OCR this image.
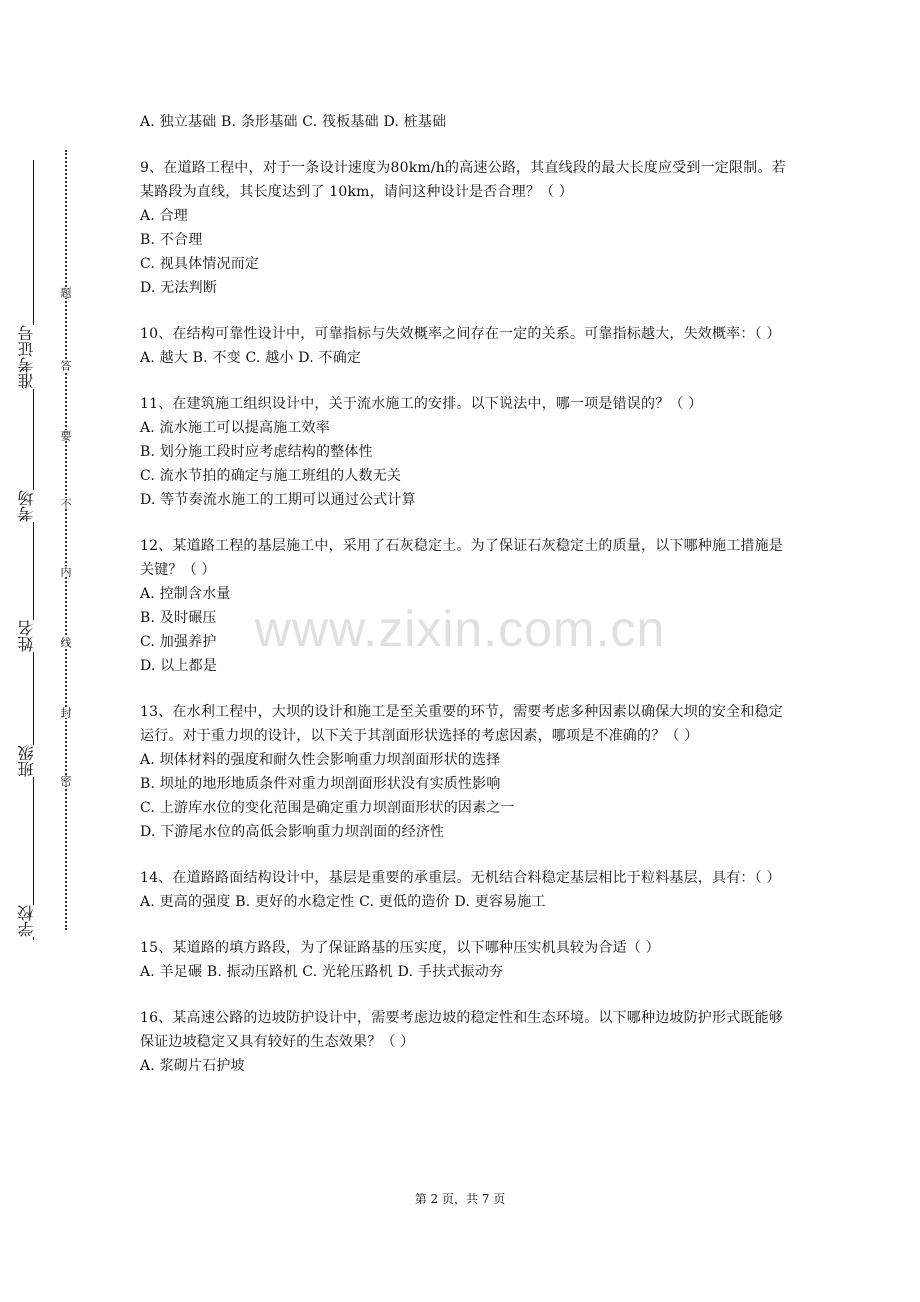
准考证号
考场
姓名
班级
学校
题
答
要
不
内
线
封
密
A. 独立基础 B. 条形基础 C. 筏板基础 D. 桩基础
9、在道路工程中，对于一条设计速度为80km/h的高速公路，其直线段的最大长度应受到一定限制。若某路段为直线，其长度达到了 10km，请问这种设计是否合理？（ ）
A. 合理
B. 不合理
C. 视具体情况而定
D. 无法判断
10、在结构可靠性设计中，可靠指标与失效概率之间存在一定的关系。可靠指标越大，失效概率：（ ）
A. 越大 B. 不变 C. 越小 D. 不确定
11、在建筑施工组织设计中，关于流水施工的安排。以下说法中，哪一项是错误的？（ ）
A. 流水施工可以提高施工效率
B. 划分施工段时应考虑结构的整体性
C. 流水节拍的确定与施工班组的人数无关
D. 等节奏流水施工的工期可以通过公式计算
12、某道路工程的基层施工中，采用了石灰稳定土。为了保证石灰稳定土的质量，以下哪种施工措施是关键？（ ）
A. 控制含水量
B. 及时碾压
C. 加强养护
D. 以上都是
13、在水利工程中，大坝的设计和施工是至关重要的环节，需要考虑多种因素以确保大坝的安全和稳定运行。对于重力坝的设计，以下关于其剖面形状选择的考虑因素，哪项是不准确的？（ ）
A. 坝体材料的强度和耐久性会影响重力坝剖面形状的选择
B. 坝址的地形地质条件对重力坝剖面形状没有实质性影响
C. 上游库水位的变化范围是确定重力坝剖面形状的因素之一
D. 下游尾水位的高低会影响重力坝剖面的经济性
14、在道路路面结构设计中，基层是重要的承重层。无机结合料稳定基层相比于粒料基层，具有：（ ）
A. 更高的强度 B. 更好的水稳定性 C. 更低的造价 D. 更容易施工
15、某道路的填方路段，为了保证路基的压实度，以下哪种压实机具较为合适（ ）
A. 羊足碾 B. 振动压路机 C. 光轮压路机 D. 手扶式振动夯
16、某高速公路的边坡防护设计中，需要考虑边坡的稳定性和生态环境。以下哪种边坡防护形式既能够保证边坡稳定又具有较好的生态效果？（ ）
A. 浆砌片石护坡
www.zixin.com.cn
第 2 页，共 7 页
